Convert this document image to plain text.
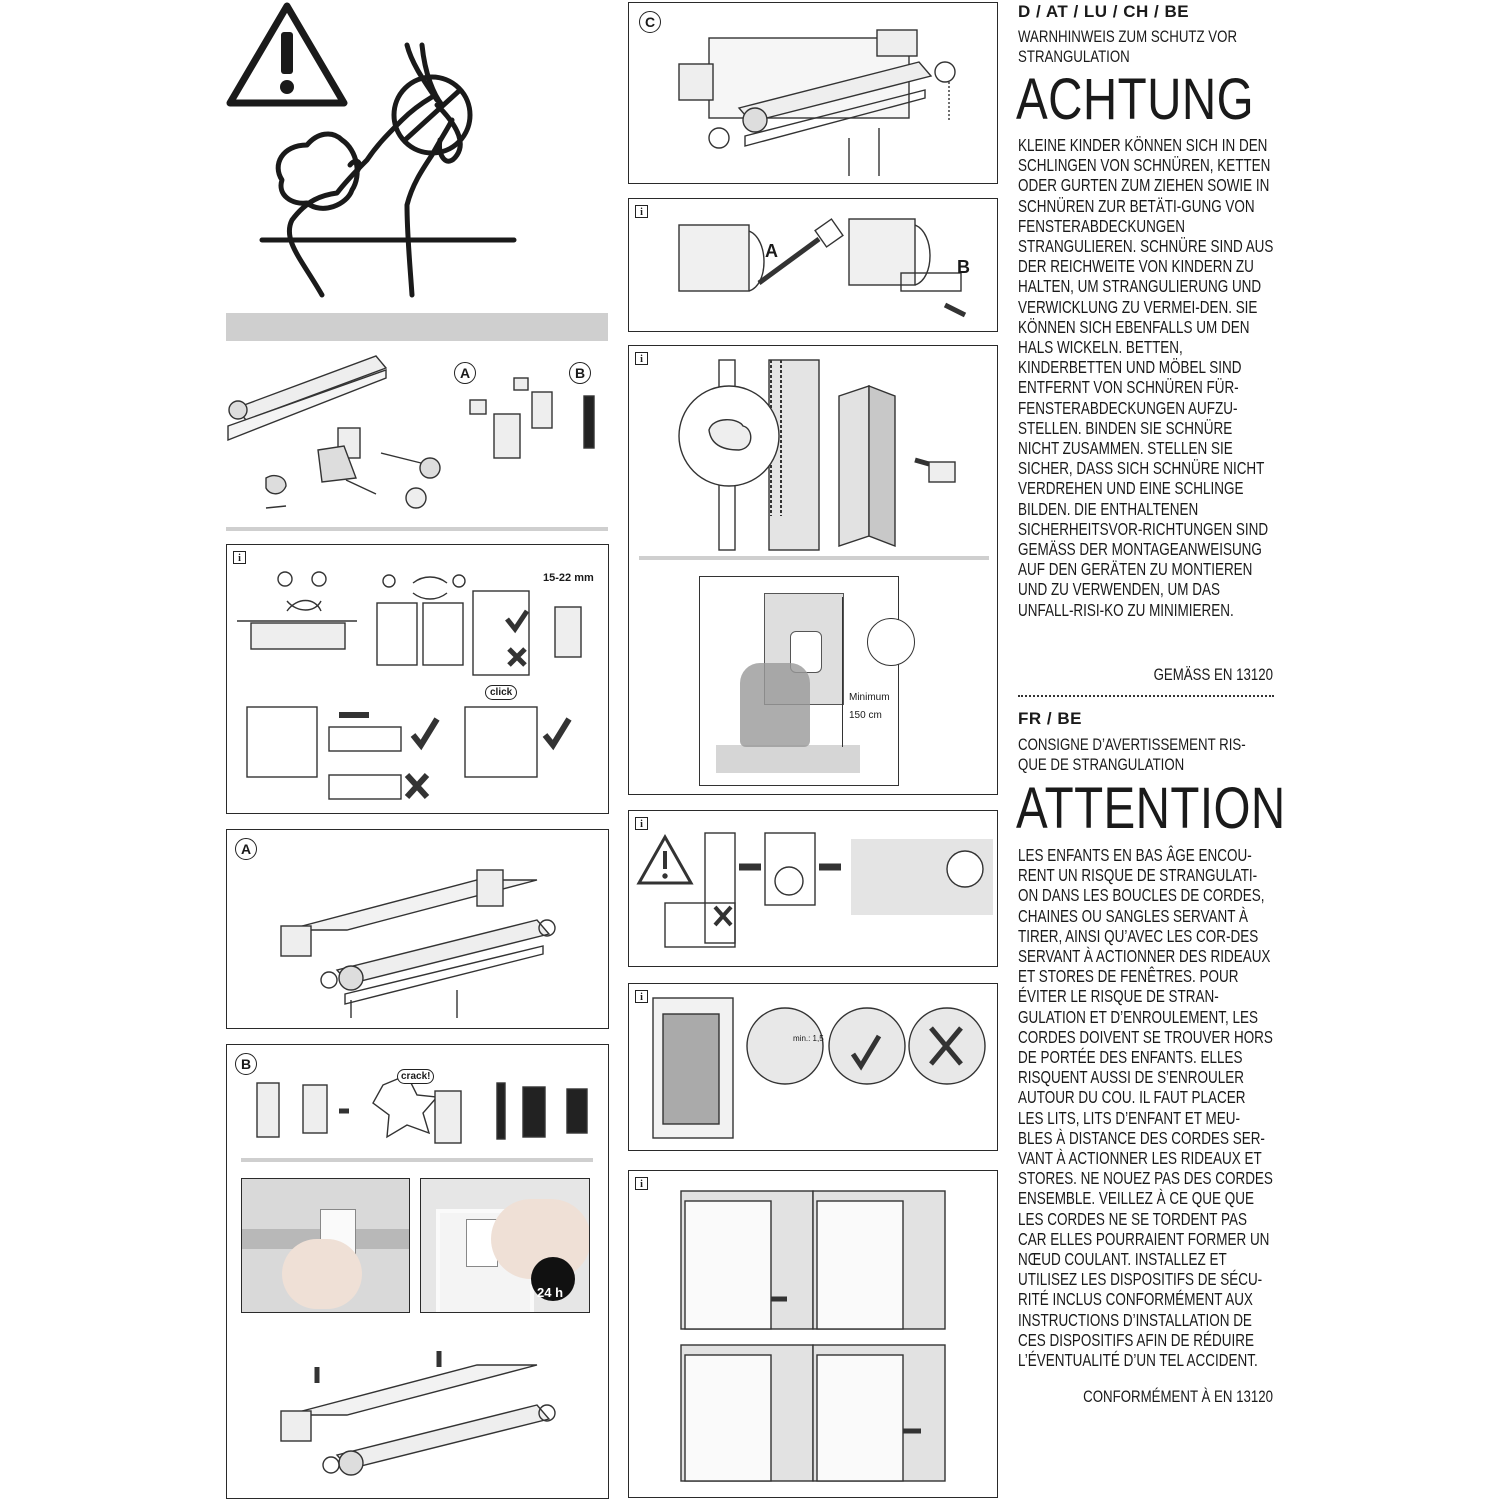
A	B
i
15-22 mm
click
A
B
crack!
24 h
C
i
A
B
i
Minimum
150 cm
i
i
min.: 1,5
i
D / AT / LU / CH / BE
WARNHINWEIS ZUM SCHUTZ VOR STRANGULATION
ACHTUNG
KLEINE KINDER KÖNNEN SICH IN DEN SCHLINGEN VON SCHNÜREN, KETTEN ODER GURTEN ZUM ZIEHEN SOWIE IN SCHNÜREN ZUR BETÄTI-GUNG VON FENSTERABDECKUNGEN STRANGULIEREN. SCHNÜRE SIND AUS DER REICHWEITE VON KINDERN ZU HALTEN, UM STRANGULIERUNG UND VERWICKLUNG ZU VERMEI-DEN. SIE KÖNNEN SICH EBENFALLS UM DEN HALS WICKELN. BETTEN, KINDERBETTEN UND MÖBEL SIND ENTFERNT VON SCHNÜREN FÜR-FENSTERABDECKUNGEN AUFZU-STELLEN. BINDEN SIE SCHNÜRE NICHT ZUSAMMEN. STELLEN SIE SICHER, DASS SICH SCHNÜRE NICHT VERDREHEN UND EINE SCHLINGE BILDEN. DIE ENTHALTENEN SICHERHEITSVOR-RICHTUNGEN SIND GEMÄSS DER MONTAGEANWEISUNG AUF DEN GERÄTEN ZU MONTIEREN UND ZU VERWENDEN, UM DAS UNFALL-RISI-KO ZU MINIMIEREN.
GEMÄSS EN 13120
FR / BE
CONSIGNE D’AVERTISSEMENT RIS-QUE DE STRANGULATION
ATTENTION
LES ENFANTS EN BAS ÂGE ENCOU-RENT UN RISQUE DE STRANGULATI-ON DANS LES BOUCLES DE CORDES, CHAINES OU SANGLES SERVANT À TIRER, AINSI QU’AVEC LES COR-DES SERVANT À ACTIONNER DES RIDEAUX ET STORES DE FENÊTRES. POUR ÉVITER LE RISQUE DE STRAN-GULATION ET D’ENROULEMENT, LES CORDES DOIVENT SE TROUVER HORS DE PORTÉE DES ENFANTS. ELLES RISQUENT AUSSI DE S’ENROULER AUTOUR DU COU. IL FAUT PLACER LES LITS, LITS D’ENFANT ET MEU-BLES À DISTANCE DES CORDES SER-VANT À ACTIONNER LES RIDEAUX ET STORES. NE NOUEZ PAS DES CORDES ENSEMBLE. VEILLEZ À CE QUE QUE LES CORDES NE SE TORDENT PAS CAR ELLES POURRAIENT FORMER UN NŒUD COULANT. INSTALLEZ ET UTILISEZ LES DISPOSITIFS DE SÉCU-RITÉ INCLUS CONFORMÉMENT AUX INSTRUCTIONS D’INSTALLATION DE CES DISPOSITIFS AFIN DE RÉDUIRE L’ÉVENTUALITÉ D’UN TEL ACCIDENT.
CONFORMÉMENT À EN 13120
